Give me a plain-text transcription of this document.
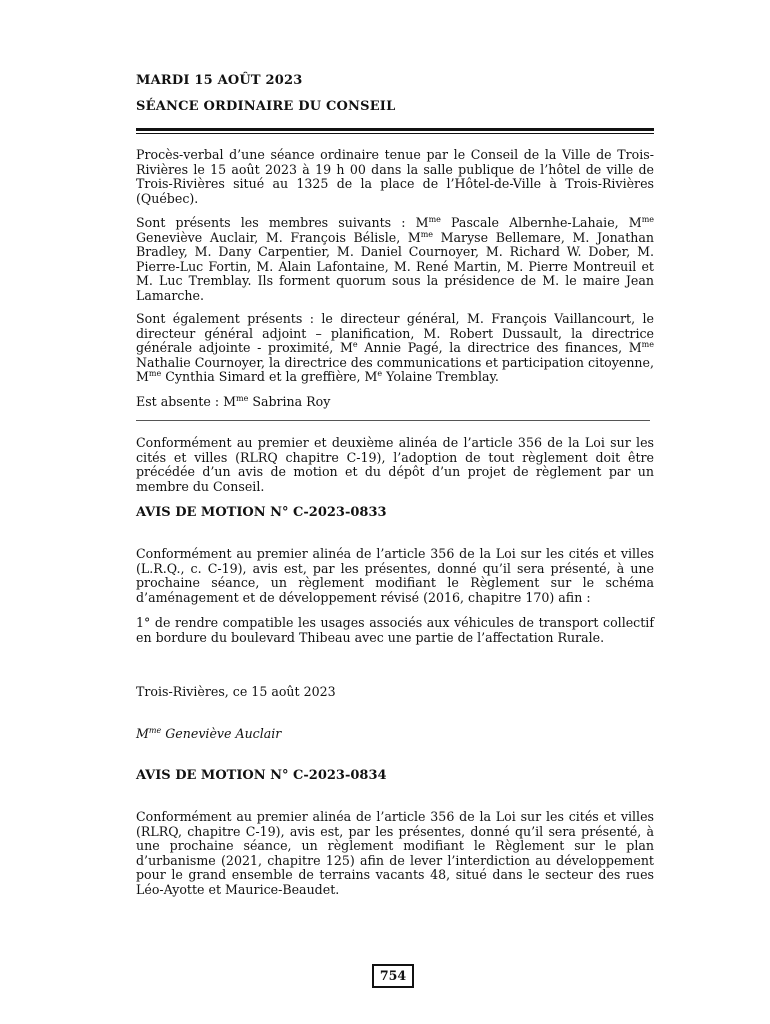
MARDI 15 AOÛT 2023
SÉANCE ORDINAIRE DU CONSEIL
Procès-verbal d’une séance ordinaire tenue par le Conseil de la Ville de Trois-Rivières le 15 août 2023 à 19 h 00 dans la salle publique de l’hôtel de ville de Trois-Rivières situé au 1325 de la place de l’Hôtel-de-Ville à Trois-Rivières (Québec).
Sont présents les membres suivants : $M^{me}$ Pascale Albernhe-Lahaie, $M^{me}$ Geneviève Auclair, M. François Bélisle, $M^{me}$ Maryse Bellemare, M. Jonathan Bradley, M. Dany Carpentier, M. Daniel Cournoyer, M. Richard W. Dober, M. Pierre-Luc Fortin, M. Alain Lafontaine, M. René Martin, M. Pierre Montreuil et M. Luc Tremblay. Ils forment quorum sous la présidence de M. le maire Jean Lamarche.
Sont également présents : le directeur général, M. François Vaillancourt, le directeur général adjoint – planification, M. Robert Dussault, la directrice générale adjointe - proximité, Me Annie Pagé, la directrice des finances, $M^{me}$ Nathalie Cournoyer, la directrice des communications et participation citoyenne, $M^{me}$ Cynthia Simard et la greffière, Me Yolaine Tremblay.
Est absente : $M^{me}$ Sabrina Roy
Conformément au premier et deuxième alinéa de l’article 356 de la Loi sur les cités et villes (RLRQ chapitre C-19), l’adoption de tout règlement doit être précédée d’un avis de motion et du dépôt d’un projet de règlement par un membre du Conseil.
AVIS DE MOTION N° C-2023-0833
Conformément au premier alinéa de l’article 356 de la Loi sur les cités et villes (L.R.Q., c. C-19), avis est, par les présentes, donné qu’il sera présenté, à une prochaine séance, un règlement modifiant le Règlement sur le schéma d’aménagement et de développement révisé (2016, chapitre 170) afin :
1° de rendre compatible les usages associés aux véhicules de transport collectif en bordure du boulevard Thibeau avec une partie de l’affectation Rurale.
Trois-Rivières, ce 15 août 2023
$M^{me}$ Geneviève Auclair
AVIS DE MOTION N° C-2023-0834
Conformément au premier alinéa de l’article 356 de la Loi sur les cités et villes (RLRQ, chapitre C-19), avis est, par les présentes, donné qu’il sera présenté, à une prochaine séance, un règlement modifiant le Règlement sur le plan d’urbanisme (2021, chapitre 125) afin de lever l’interdiction au développement pour le grand ensemble de terrains vacants 48, situé dans le secteur des rues Léo-Ayotte et Maurice-Beaudet.
754
